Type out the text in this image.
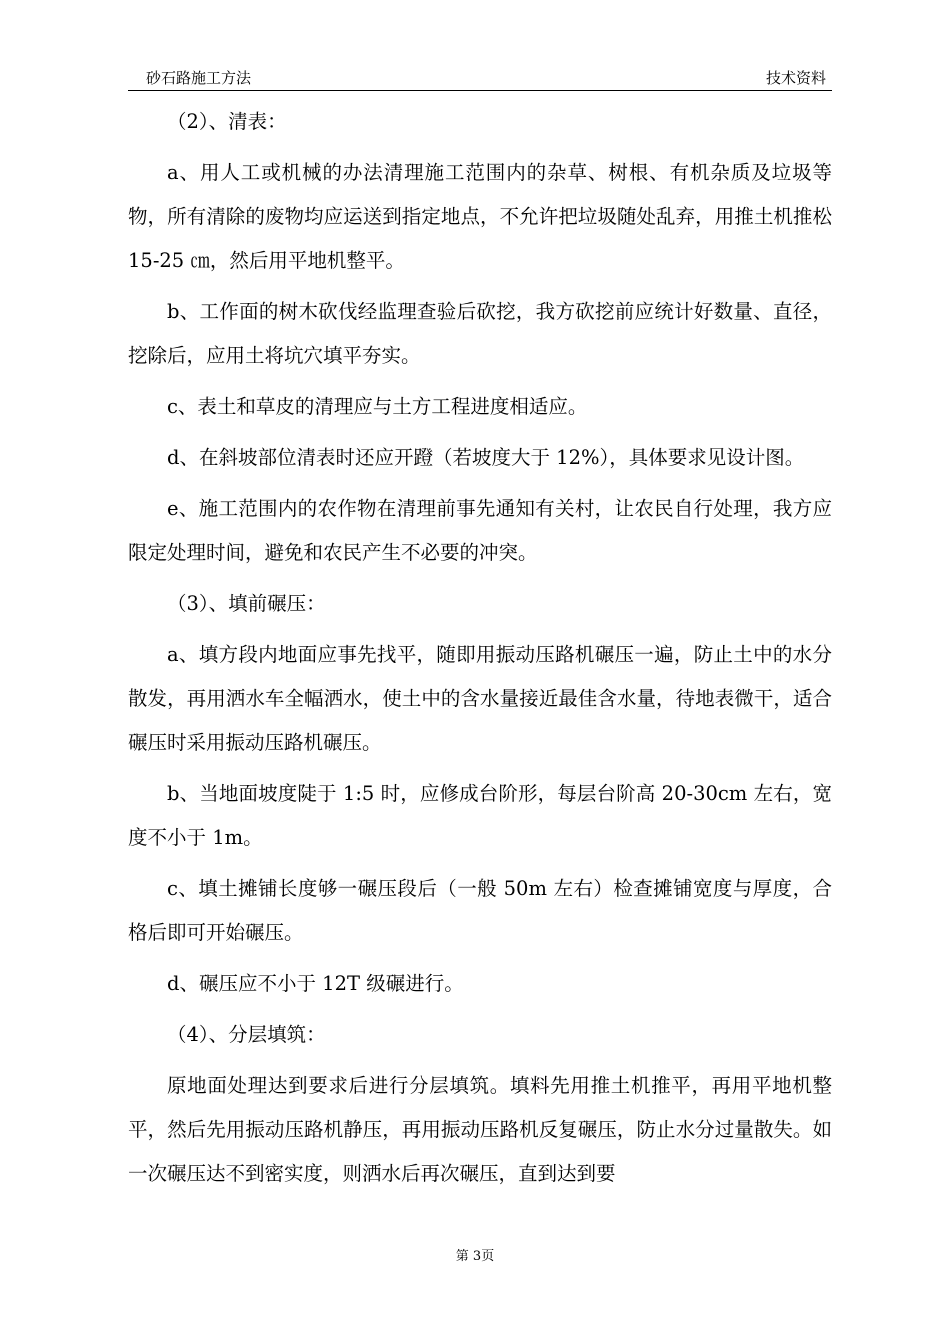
砂石路施工方法	技术资料

（2）、清表：

a、用人工或机械的办法清理施工范围内的杂草、树根、有机杂质及垃圾等物，所有清除的废物均应运送到指定地点，不允许把垃圾随处乱弃，用推土机推松 15-25 ㎝，然后用平地机整平。

b、工作面的树木砍伐经监理查验后砍挖，我方砍挖前应统计好数量、直径，挖除后，应用土将坑穴填平夯实。

c、表土和草皮的清理应与土方工程进度相适应。

d、在斜坡部位清表时还应开蹬（若坡度大于 12%），具体要求见设计图。

e、施工范围内的农作物在清理前事先通知有关村，让农民自行处理，我方应限定处理时间，避免和农民产生不必要的冲突。

（3）、填前碾压：

a、填方段内地面应事先找平，随即用振动压路机碾压一遍，防止土中的水分散发，再用洒水车全幅洒水，使土中的含水量接近最佳含水量，待地表微干，适合碾压时采用振动压路机碾压。

b、当地面坡度陡于 1:5 时，应修成台阶形，每层台阶高 20-30cm 左右，宽度不小于 1m。

c、填土摊铺长度够一碾压段后（一般 50m 左右）检查摊铺宽度与厚度，合格后即可开始碾压。

d、碾压应不小于 12T 级碾进行。

（4）、分层填筑：

原地面处理达到要求后进行分层填筑。填料先用推土机推平，再用平地机整平，然后先用振动压路机静压，再用振动压路机反复碾压，防止水分过量散失。如一次碾压达不到密实度，则洒水后再次碾压，直到达到要

第 3页
